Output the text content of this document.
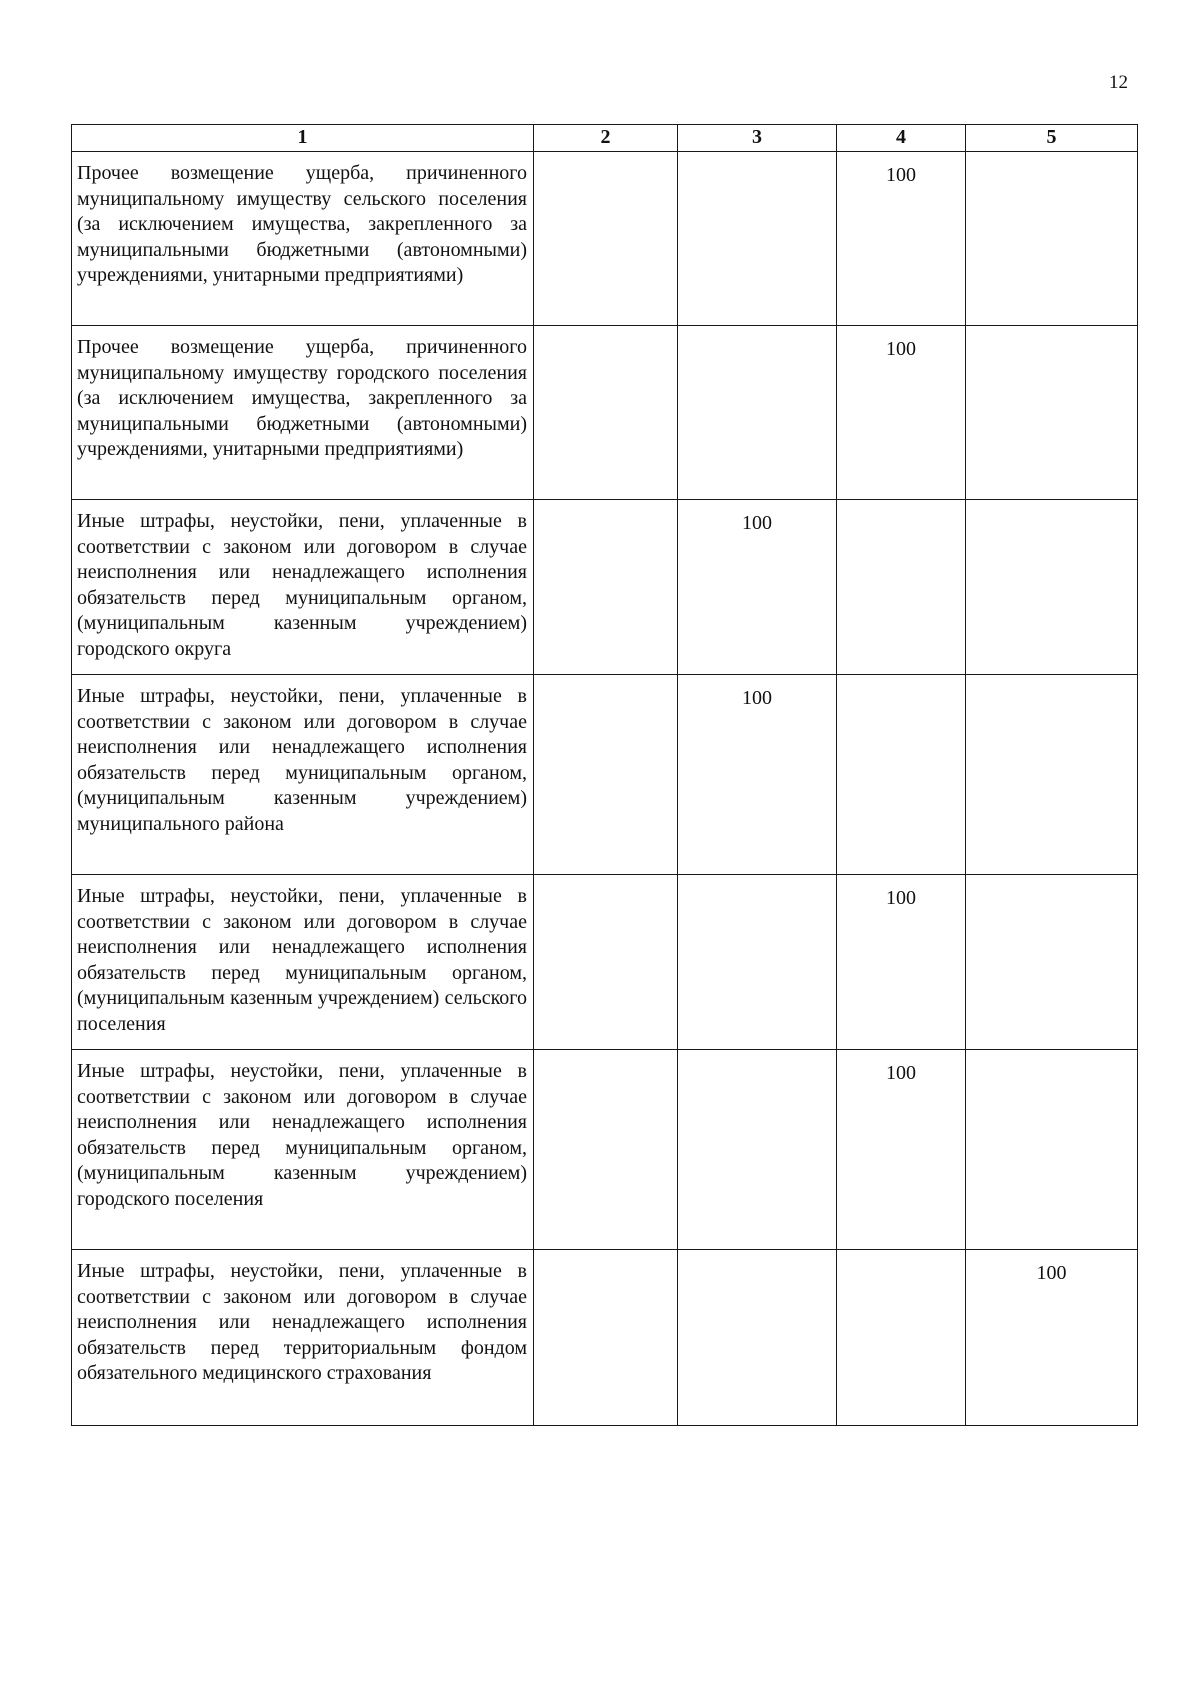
12
1	2	3	4	5
Прочее возмещение ущерба, причиненного муниципальному имуществу сельского поселения (за исключением имущества, закрепленного за муниципальными бюджетными (автономными) учреждениями, унитарными предприятиями)			100	
Прочее возмещение ущерба, причиненного муниципальному имуществу городского поселения (за исключением имущества, закрепленного за муниципальными бюджетными (автономными) учреждениями, унитарными предприятиями)			100	
Иные штрафы, неустойки, пени, уплаченные в соответствии с законом или договором в случае неисполнения или ненадлежащего исполнения обязательств перед муниципальным органом, (муниципальным казенным учреждением) городского округа		100		
Иные штрафы, неустойки, пени, уплаченные в соответствии с законом или договором в случае неисполнения или ненадлежащего исполнения обязательств перед муниципальным органом, (муниципальным казенным учреждением) муниципального района		100		
Иные штрафы, неустойки, пени, уплаченные в соответствии с законом или договором в случае неисполнения или ненадлежащего исполнения обязательств перед муниципальным органом, (муниципальным казенным учреждением) сельского поселения			100	
Иные штрафы, неустойки, пени, уплаченные в соответствии с законом или договором в случае неисполнения или ненадлежащего исполнения обязательств перед муниципальным органом, (муниципальным казенным учреждением) городского поселения			100	
Иные штрафы, неустойки, пени, уплаченные в соответствии с законом или договором в случае неисполнения или ненадлежащего исполнения обязательств перед территориальным фондом обязательного медицинского страхования				100
